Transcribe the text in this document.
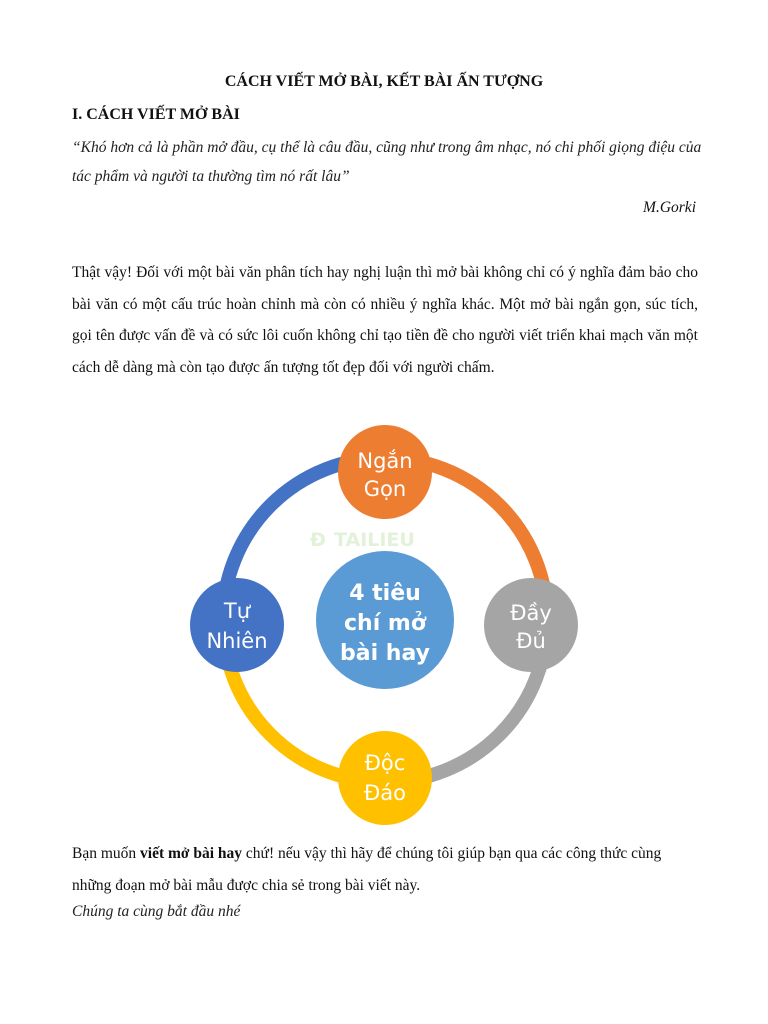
CÁCH VIẾT MỞ BÀI, KẾT BÀI ẤN TƯỢNG
I. CÁCH VIẾT MỞ BÀI
“Khó hơn cả là phần mở đầu, cụ thể là câu đầu, cũng như trong âm nhạc, nó chi phối giọng điệu của tác phẩm và người ta thường tìm nó rất lâu”
M.Gorki
Thật vậy! Đối với một bài văn phân tích hay nghị luận thì mở bài không chỉ có ý nghĩa đảm bảo cho bài văn có một cấu trúc hoàn chỉnh mà còn có nhiều ý nghĩa khác. Một mở bài ngắn gọn, súc tích, gọi tên được vấn đề và có sức lôi cuốn không chỉ tạo tiền đề cho người viết triển khai mạch văn một cách dễ dàng mà còn tạo được ấn tượng tốt đẹp đối với người chấm.
Đ TAILIEU
4 tiêu
chí mở
bài hay
Ngắn
Gọn
Đầy
Đủ
Độc
Đáo
Tự
Nhiên
Bạn muốn viết mở bài hay chứ! nếu vậy thì hãy để chúng tôi giúp bạn qua các công thức cùng những đoạn mở bài mẫu được chia sẻ trong bài viết này.
Chúng ta cùng bắt đầu nhé
